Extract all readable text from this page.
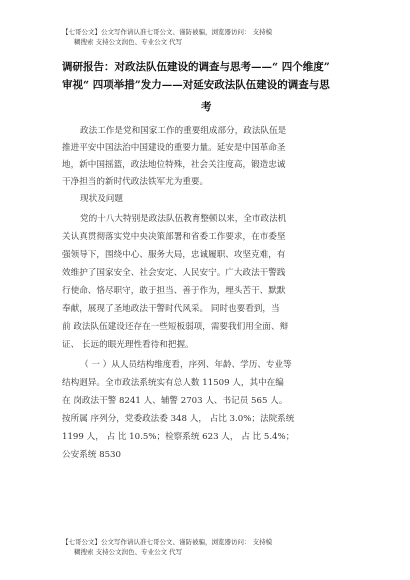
【七哥公文】公文写作请认准七哥公文、谨防被骗，浏览器访问： 支持模
糊搜索 支持公文润色、专业公文 代写
调研报告：对政法队伍建设的调查与思考——“ 四个维度”
审视“ 四项举措”发力——对延安政法队伍建设的调查与思
考
政法工作是党和国家工作的重要组成部分，政法队伍是
推进平安中国法治中国建设的重要力量。延安是中国革命圣
地，新中国摇篮，政法地位特殊，社会关注度高，锻造忠诚
干净担当的新时代政法铁军尤为重要。
现状及问题
党的十八大特别是政法队伍教育整顿以来，全市政法机
关认真贯彻落实党中央决策部署和省委工作要求，在市委坚
强领导下，围绕中心、服务大局，忠诚履职、攻坚克难，有
效维护了国家安全、社会安定、人民安宁。广大政法干警践
行使命、恪尽职守，敢于担当、善于作为，埋头苦干、默默
奉献，展现了圣地政法干警时代风采。 同时也要看到，当
前 政法队伍建设还存在一些短板弱项，需要我们用全面、辩
证、 长远的眼光理性看待和把握。
（ 一 ）从人员结构维度看，序列、年龄、学历、专业等
结构迥异。全市政法系统实有总人数 11509 人，其中在编
在 岗政法干警 8241 人、辅警 2703 人、书记员 565 人。
按所属 序列分，党委政法委 348 人， 占比 3.0%；法院系统
1199 人， 占 比 10.5%；检察系统 623 人， 占 比 5.4%；
公安系统 8530
【七哥公文】公文写作请认准七哥公文、谨防被骗，浏览器访问： 支持模
糊搜索 支持公文润色、专业公文 代写
